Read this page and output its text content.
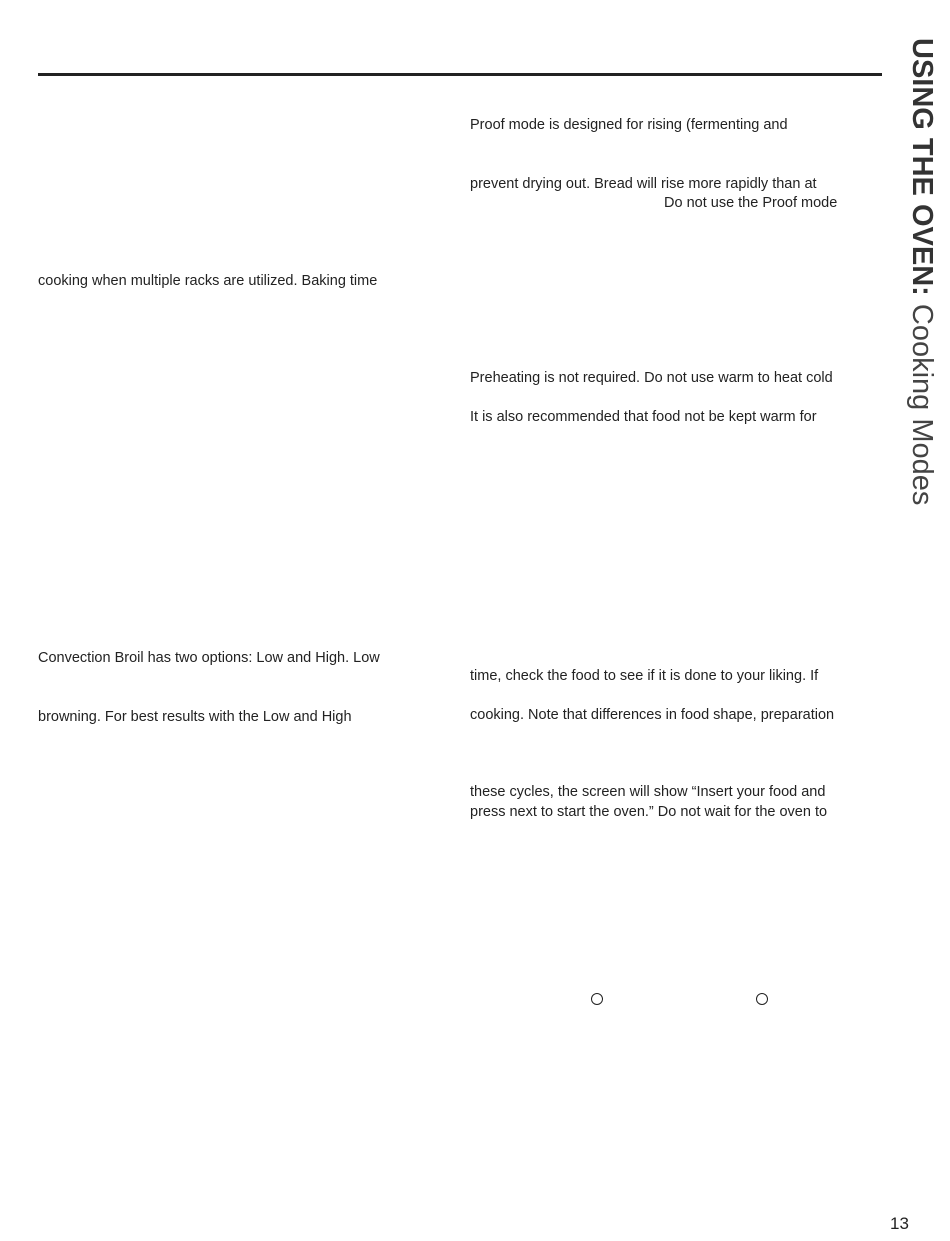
USING THE OVEN: Cooking Modes
cooking when multiple racks are utilized. Baking time
Convection Broil has two options: Low and High. Low
browning. For best results with the Low and High
Proof mode is designed for rising (fermenting and
prevent drying out. Bread will rise more rapidly than at
Do not use the Proof mode
Preheating is not required. Do not use warm to heat cold
It is also recommended that food not be kept warm for
time, check the food to see if it is done to your liking. If
cooking. Note that differences in food shape, preparation
these cycles, the screen will show “Insert your food and
press next to start the oven.” Do not wait for the oven to
13
